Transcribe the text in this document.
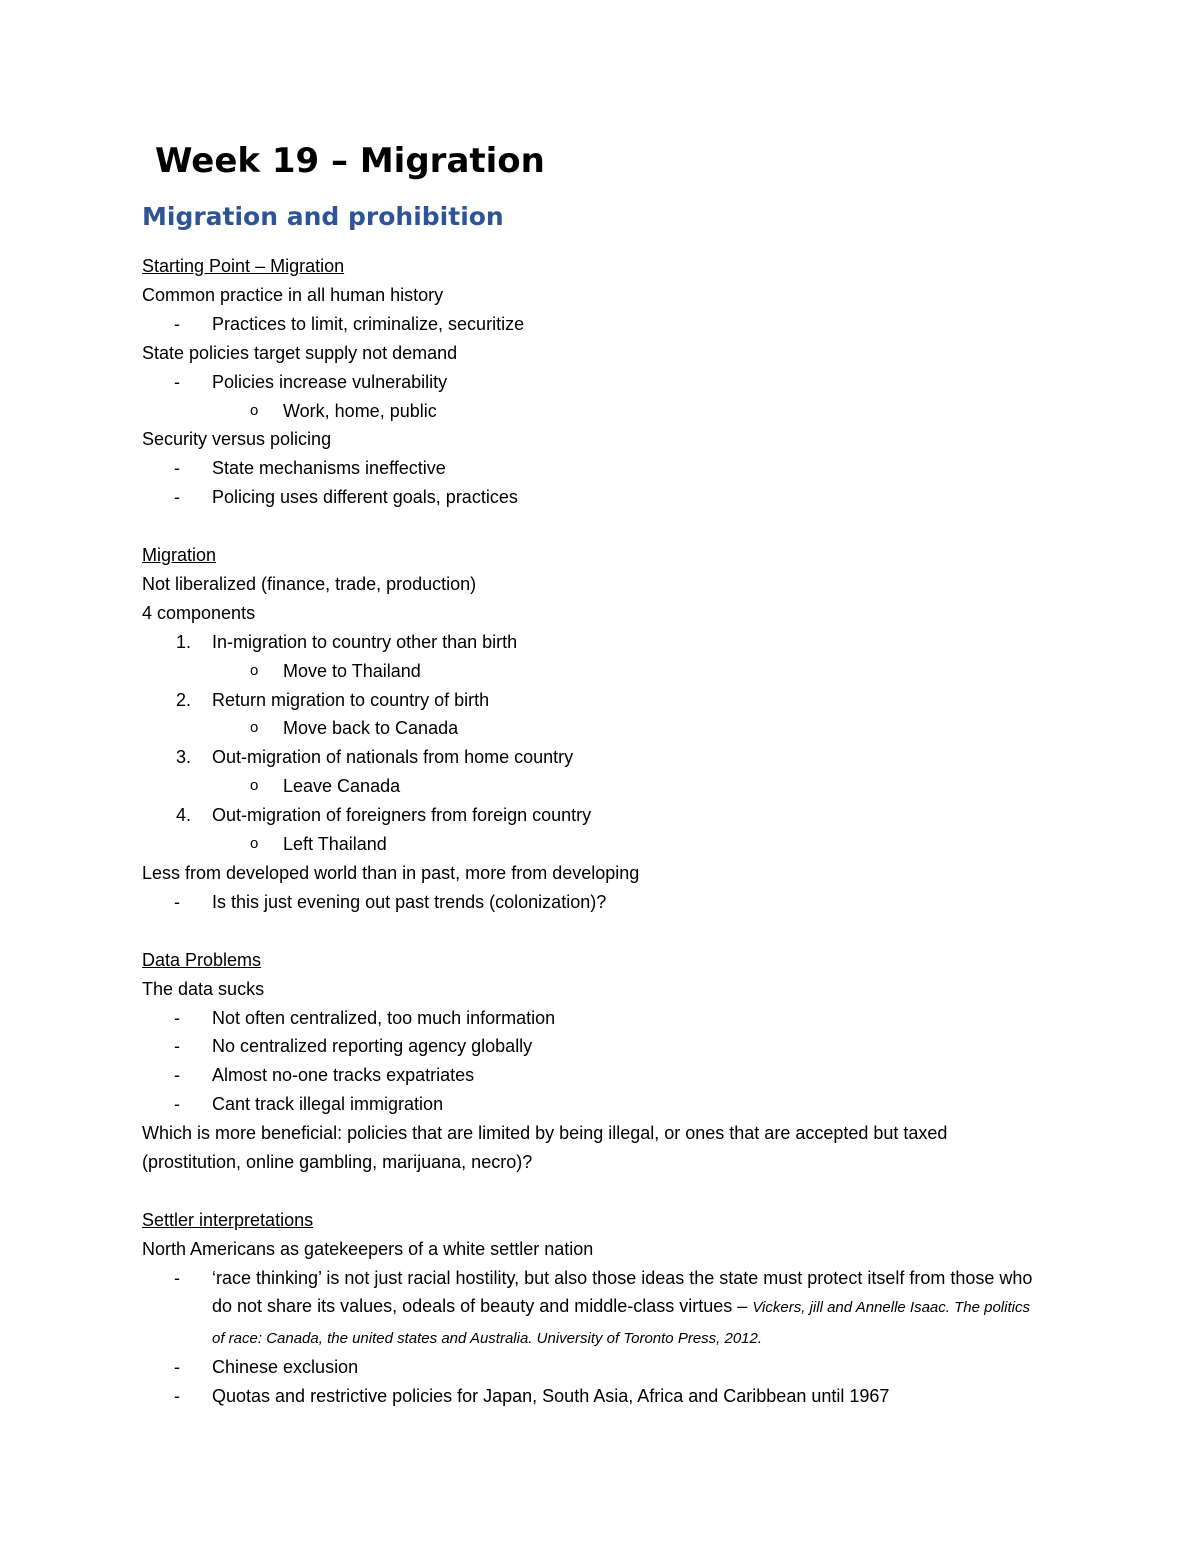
Week 19 – Migration
Migration and prohibition
Starting Point – Migration
Common practice in all human history
- Practices to limit, criminalize, securitize
State policies target supply not demand
- Policies increase vulnerability
o Work, home, public
Security versus policing
- State mechanisms ineffective
- Policing uses different goals, practices
Migration
Not liberalized (finance, trade, production)
4 components
1. In-migration to country other than birth
o Move to Thailand
2. Return migration to country of birth
o Move back to Canada
3. Out-migration of nationals from home country
o Leave Canada
4. Out-migration of foreigners from foreign country
o Left Thailand
Less from developed world than in past, more from developing
- Is this just evening out past trends (colonization)?
Data Problems
The data sucks
- Not often centralized, too much information
- No centralized reporting agency globally
- Almost no-one tracks expatriates
- Cant track illegal immigration
Which is more beneficial: policies that are limited by being illegal, or ones that are accepted but taxed (prostitution, online gambling, marijuana, necro)?
Settler interpretations
North Americans as gatekeepers of a white settler nation
- ‘race thinking’ is not just racial hostility, but also those ideas the state must protect itself from those who do not share its values, odeals of beauty and middle-class virtues – Vickers, jill and Annelle Isaac. The politics of race: Canada, the united states and Australia. University of Toronto Press, 2012.
- Chinese exclusion
- Quotas and restrictive policies for Japan, South Asia, Africa and Caribbean until 1967
